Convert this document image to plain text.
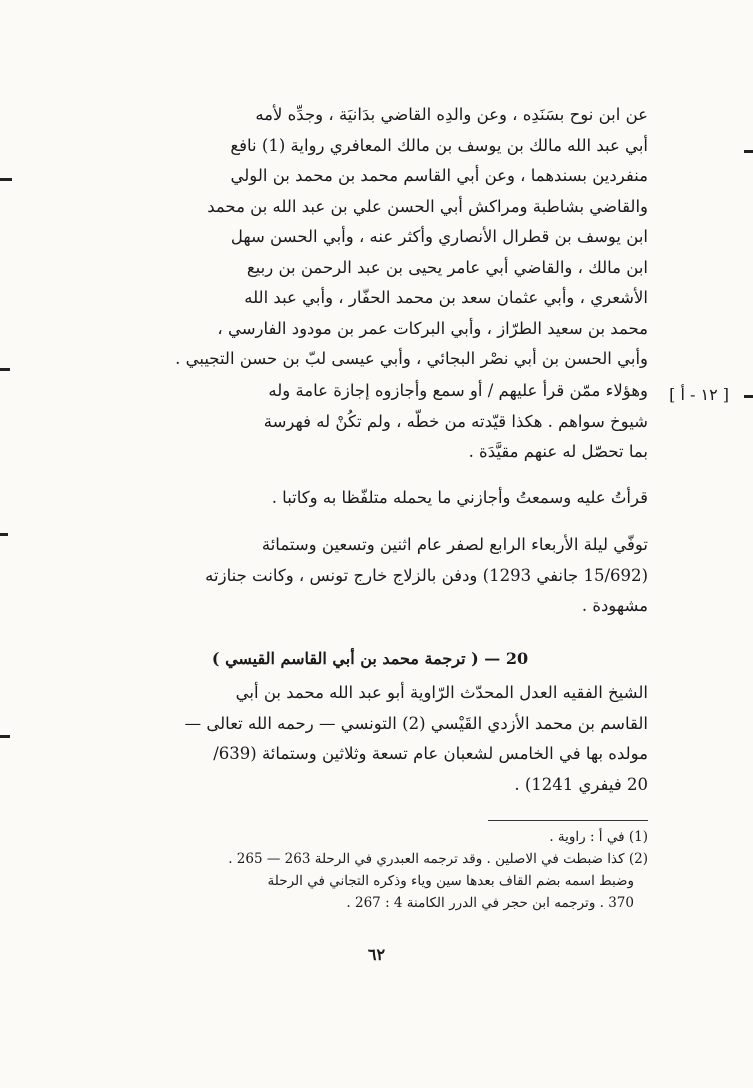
عن ابن نوح بسَنَدِه ، وعن والدِه القاضي بدَانيَة ، وجدِّه لأمه
أبي عبد الله مالك بن يوسف بن مالك المعافري رواية (1) نافع
منفردين بسندهما ، وعن أبي القاسم محمد بن محمد بن الولي
والقاضي بشاطبة ومراكش أبي الحسن علي بن عبد الله بن محمد
ابن يوسف بن قطرال الأنصاري وأكثر عنه ، وأبي الحسن سهل
ابن مالك ، والقاضي أبي عامر يحيى بن عبد الرحمن بن ربيع
الأشعري ، وأبي عثمان سعد بن محمد الحفّار ، وأبي عبد الله
محمد بن سعيد الطرّاز ، وأبي البركات عمر بن مودود الفارسي ،
وأبي الحسن بن أبي نصْر البجائي ، وأبي عيسى لبّ بن حسن التجيبي .
[ ١٢ - أ ]
وهؤلاء ممّن قرأ عليهم / أو سمع وأجازوه إجازة عامة وله
شيوخ سواهم . هكذا قيّدته من خطّه ، ولم تكُنْ له فهرسة
بما تحصّل له عنهم مقيَّدَة .
قرأتُ عليه وسمعتُ وأجازني ما يحمله متلفّظا به وكاتبا .
توفّي ليلة الأربعاء الرابع لصفر عام اثنين وتسعين وستمائة
(15/692 جانفي 1293) ودفن بالزلاج خارج تونس ، وكانت جنازته
مشهودة .
20 — ( ترجمة محمد بن أبي القاسم القيسي )
الشيخ الفقيه العدل المحدّث الرّاوية أبو عبد الله محمد بن أبي
القاسم بن محمد الأزدي القَيْسي (2) التونسي — رحمه الله تعالى —
مولده بها في الخامس لشعبان عام تسعة وثلاثين وستمائة (639/
20 فيفري 1241) .
(1) في أ : راوية .
(2) كذا ضبطت في الاصلين . وقد ترجمه العبدري في الرحلة 263 — 265 .
وضبط اسمه بضم القاف بعدها سين وياء وذكره التجاني في الرحلة
370 . وترجمه ابن حجر في الدرر الكامنة 4 : 267 .
٦٢
